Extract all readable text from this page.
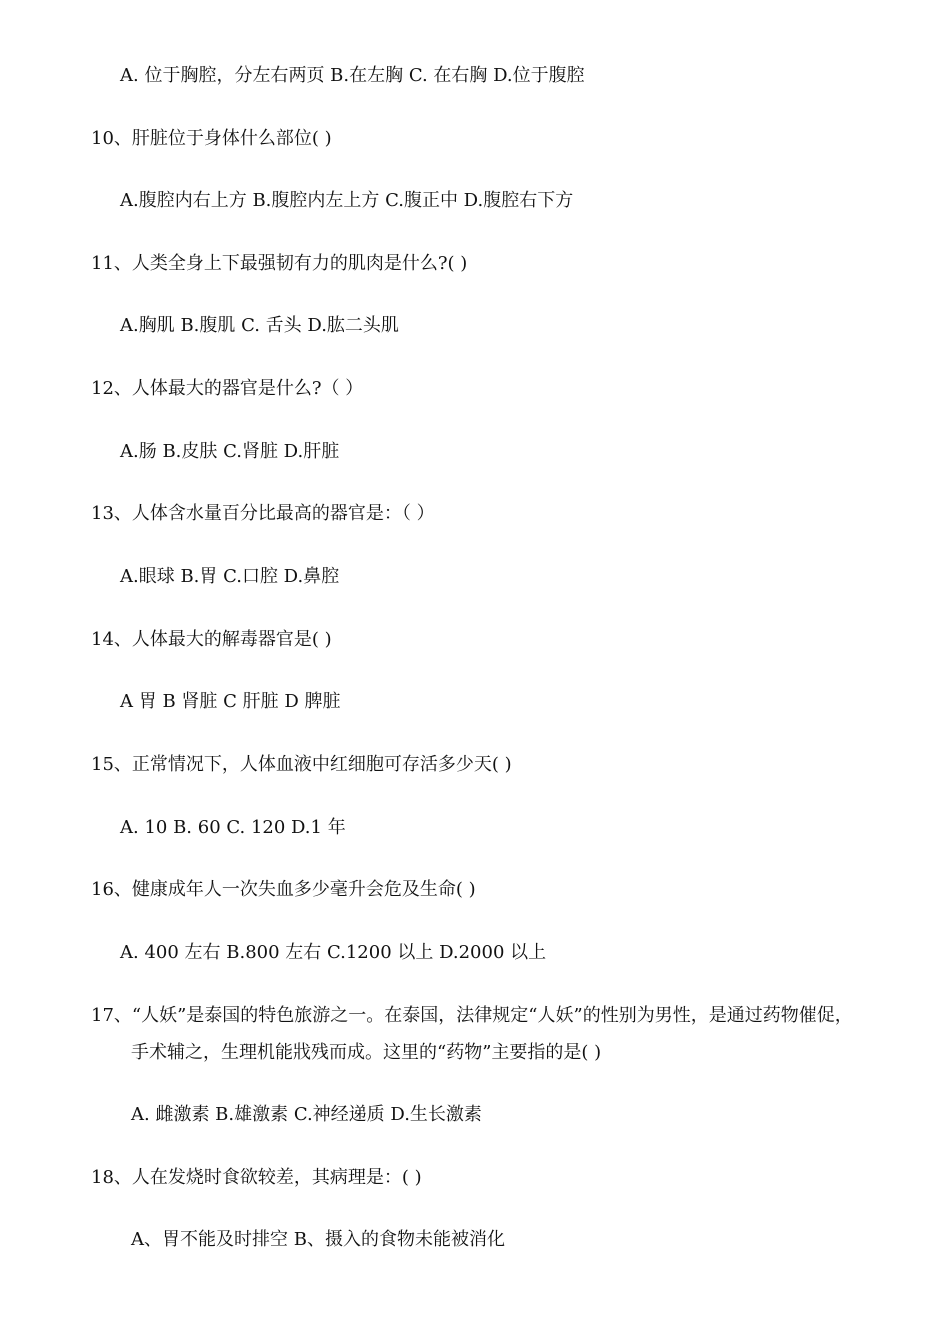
A. 位于胸腔，分左右两页 B.在左胸 C. 在右胸 D.位于腹腔
10、肝脏位于身体什么部位( )
A.腹腔内右上方 B.腹腔内左上方 C.腹正中 D.腹腔右下方
11、人类全身上下最强韧有力的肌肉是什么?( )
A.胸肌 B.腹肌 C. 舌头 D.肱二头肌
12、人体最大的器官是什么?（ ）
A.肠 B.皮肤 C.肾脏 D.肝脏
13、人体含水量百分比最高的器官是：（ ）
A.眼球 B.胃 C.口腔 D.鼻腔
14、人体最大的解毒器官是( )
A 胃 B 肾脏 C 肝脏 D 脾脏
15、正常情况下，人体血液中红细胞可存活多少天( )
A. 10 B. 60 C. 120 D.1 年
16、健康成年人一次失血多少毫升会危及生命( )
A. 400 左右 B.800 左右 C.1200 以上 D.2000 以上
17、“人妖”是泰国的特色旅游之一。在泰国，法律规定“人妖”的性别为男性，是通过药物催促，
手术辅之，生理机能戕残而成。这里的“药物”主要指的是( )
A. 雌激素 B.雄激素 C.神经递质 D.生长激素
18、人在发烧时食欲较差，其病理是：( )
A、胃不能及时排空 B、摄入的食物未能被消化
